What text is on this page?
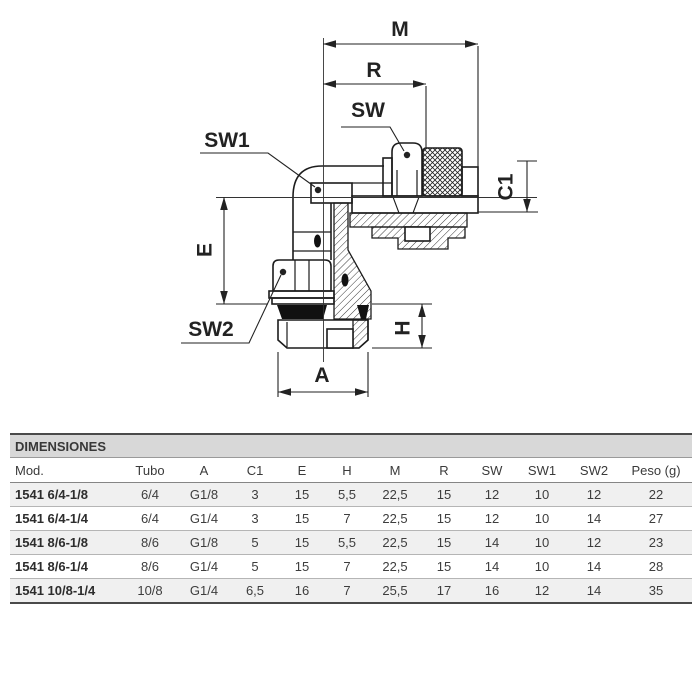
M
R
SW
SW1
SW2
C1
E
H
A
DIMENSIONES											
Mod.	Tubo	A	C1	E	H	M	R	SW	SW1	SW2	Peso (g)
1541 6/4-1/8	6/4	G1/8	3	15	5,5	22,5	15	12	10	12	22
1541 6/4-1/4	6/4	G1/4	3	15	7	22,5	15	12	10	14	27
1541 8/6-1/8	8/6	G1/8	5	15	5,5	22,5	15	14	10	12	23
1541 8/6-1/4	8/6	G1/4	5	15	7	22,5	15	14	10	14	28
1541 10/8-1/4	10/8	G1/4	6,5	16	7	25,5	17	16	12	14	35
